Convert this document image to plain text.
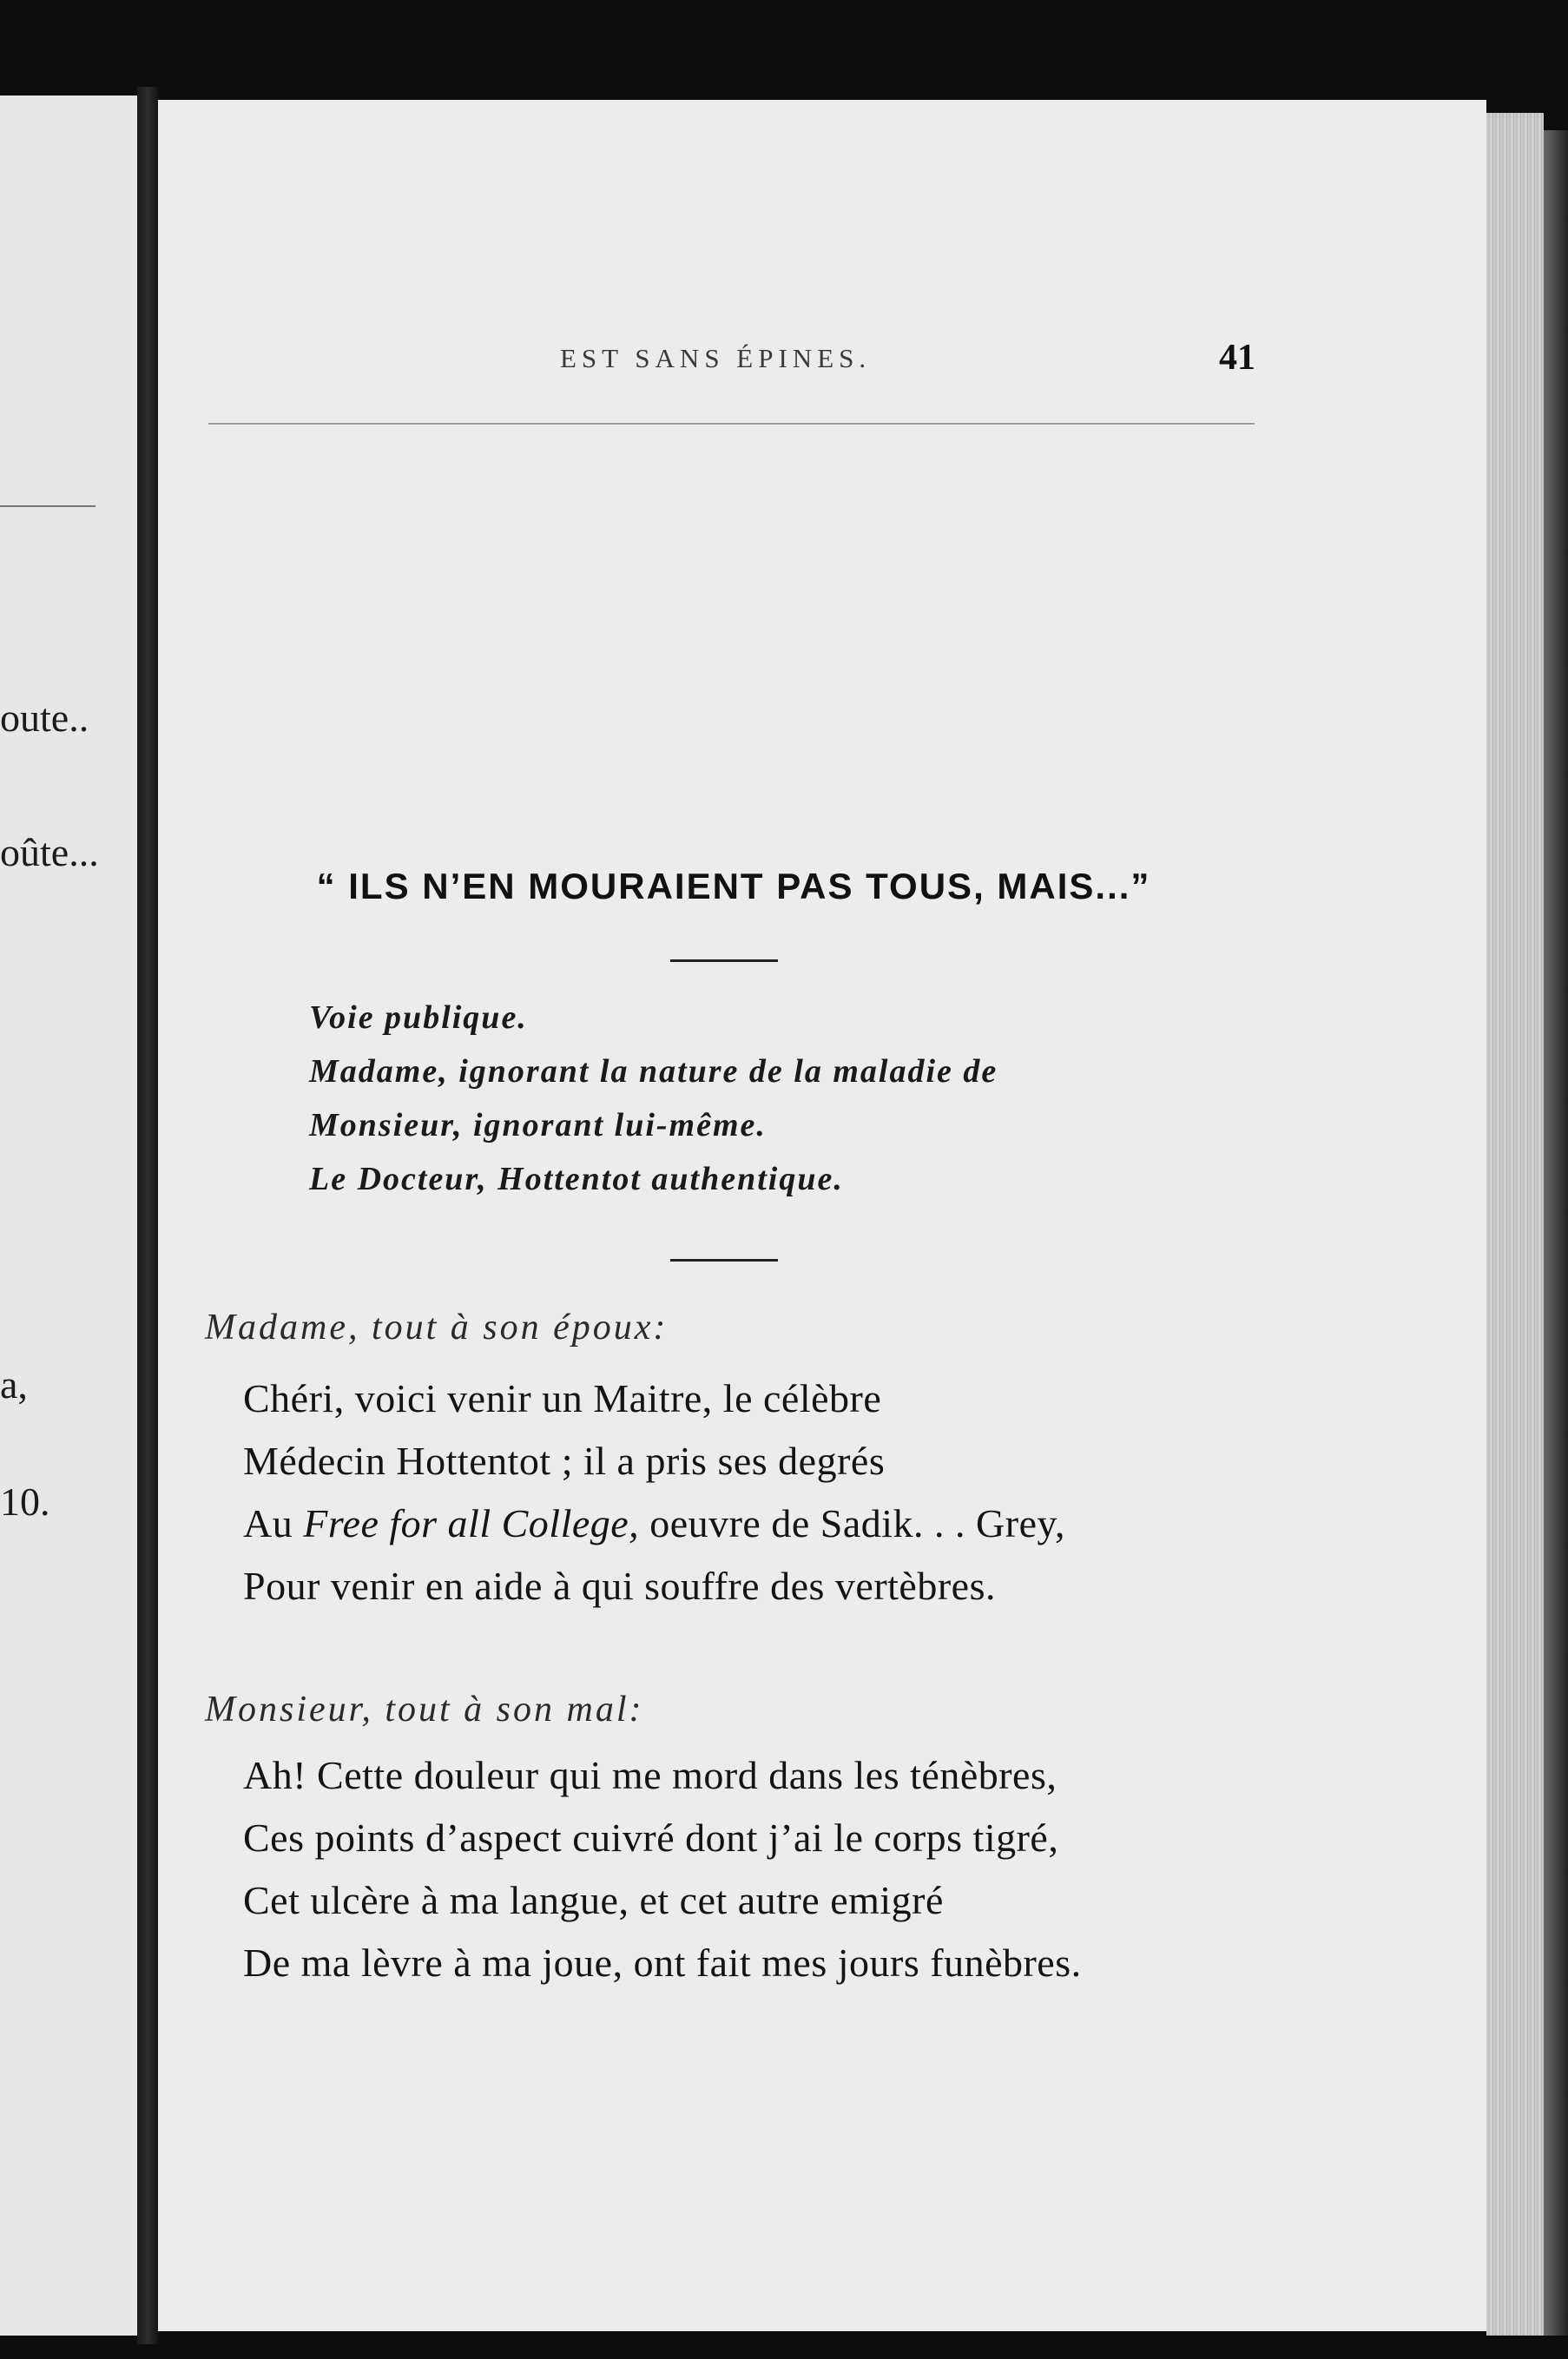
oute..
oûte...
a,
10.
EST SANS ÉPINES.	41
“ ILS N’EN MOURAIENT PAS TOUS, MAIS...”
Voie publique.
Madame, ignorant la nature de la maladie de
Monsieur, ignorant lui-même.
Le Docteur, Hottentot authentique.
Madame, tout à son époux:
Chéri, voici venir un Maitre, le célèbre
Médecin Hottentot ; il a pris ses degrés
Au Free for all College, oeuvre de Sadik. . . Grey,
Pour venir en aide à qui souffre des vertèbres.
Monsieur, tout à son mal:
Ah! Cette douleur qui me mord dans les ténèbres,
Ces points d’aspect cuivré dont j’ai le corps tigré,
Cet ulcère à ma langue, et cet autre emigré
De ma lèvre à ma joue, ont fait mes jours funèbres.
